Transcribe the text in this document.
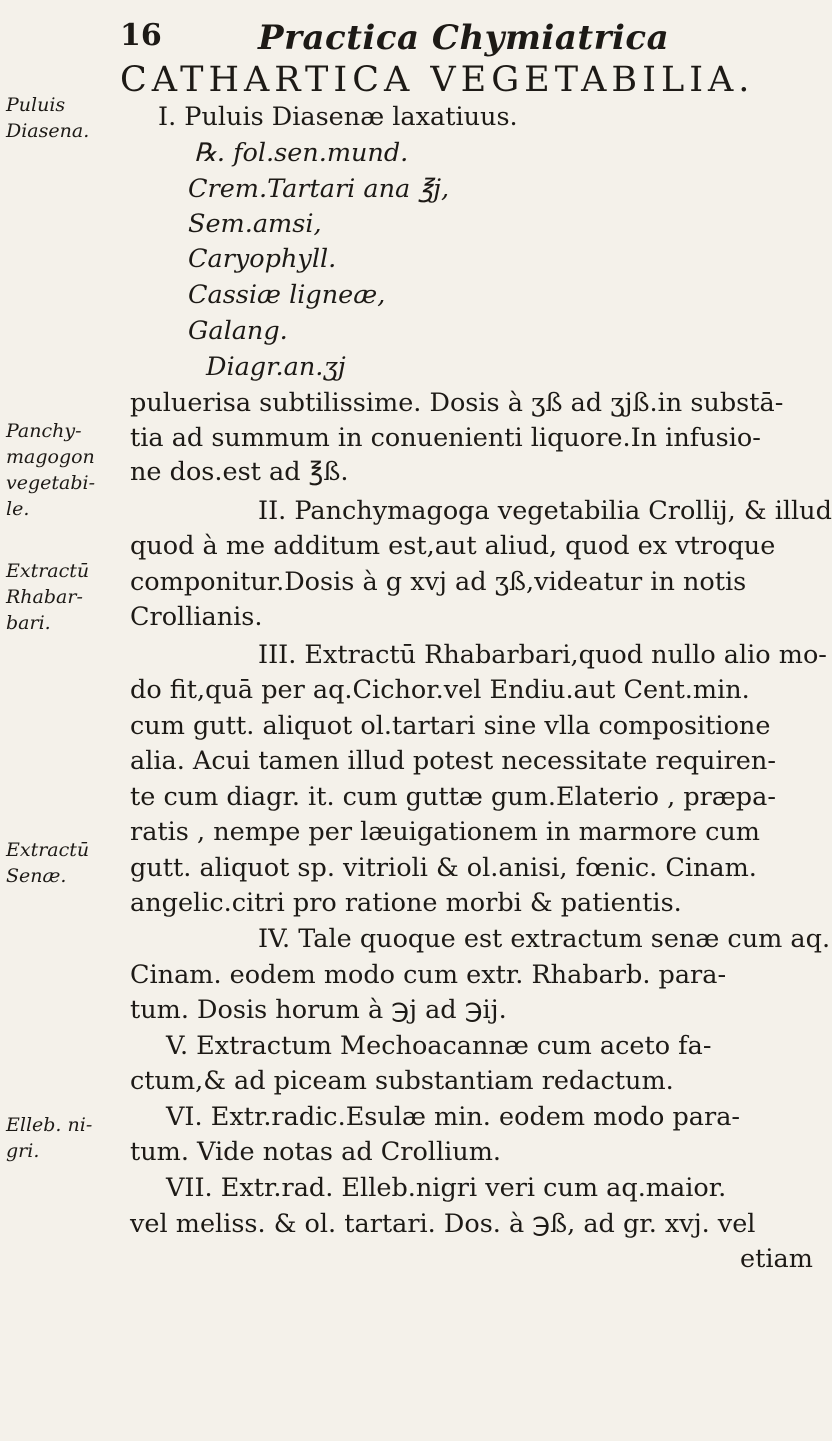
16	Practica Chymiatrica
CATHARTICA VEGETABILIA.
Puluis
Diasena.
Panchy-
magogon
vegetabi-
le.
Extractū
Rhabar-
bari.
Extractū
Senæ.
Elleb. ni-
gri.
I. Puluis Diasenæ laxatiuus.
℞. fol.sen.mund.
Crem.Tartari ana ℥j,
Sem.amsi,
Caryophyll.
Cassiæ ligneæ,
Galang.
Diagr.an.ʒj
puluerisa subtilissime. Dosis à ʒß ad ʒjß.in substā-
tia ad summum in conuenienti liquore.In infusio-
ne dos.est ad ℥ß.
II. Panchymagoga vegetabilia Crollij, & illud
quod à me additum est,aut aliud, quod ex vtroque
componitur.Dosis à g xvj ad ʒß,videatur in notis
Crollianis.
III. Extractū Rhabarbari,quod nullo alio mo-
do fit,quā per aq.Cichor.vel Endiu.aut Cent.min.
cum gutt. aliquot ol.tartari sine vlla compositione
alia. Acui tamen illud potest necessitate requiren-
te cum diagr. it. cum guttæ gum.Elaterio , præpa-
ratis , nempe per læuigationem in marmore cum
gutt. aliquot sp. vitrioli & ol.anisi, fœnic. Cinam.
angelic.citri pro ratione morbi & patientis.
IV. Tale quoque est extractum senæ cum aq.
Cinam. eodem modo cum extr. Rhabarb. para-
tum. Dosis horum à ℈j ad ℈ij.
V. Extractum Mechoacannæ cum aceto fa-
ctum,& ad piceam substantiam redactum.
VI. Extr.radic.Esulæ min. eodem modo para-
tum. Vide notas ad Crollium.
VII. Extr.rad. Elleb.nigri veri cum aq.maior.
vel meliss. & ol. tartari. Dos. à ℈ß, ad gr. xvj. vel
etiam
